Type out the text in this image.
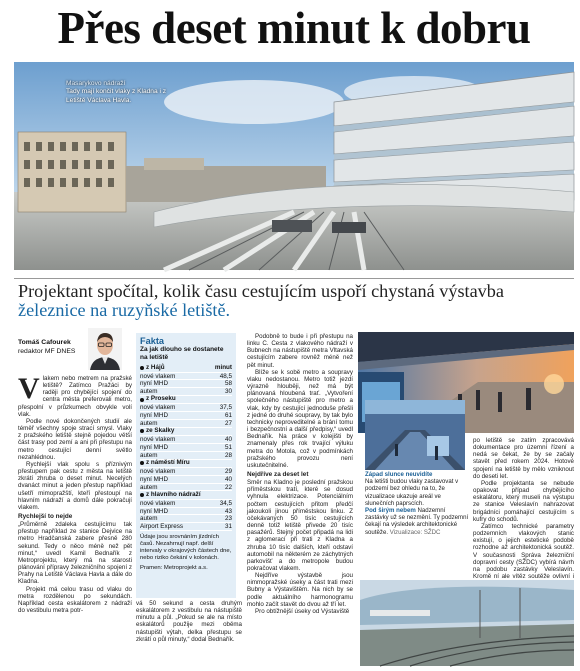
Přes deset minut k dobru
Masarykovo nádraží
Tady mají končit vlaky z Kladna i z Letiště Václava Havla.
Projektant spočítal, kolik času cestujícím uspoří chystaná výstavba železnice na ruzyňské letiště.
Tomáš Cafourek
redaktor MF DNES

Vlakem nebo metrem na pražské letiště? Zatímco Pražáci by raději pro chybějící spojení do centra města preferovali metro, přespolní v průzkumech obvykle volí vlak.

Podle nové dokončených studií ale téměř všechny spoje strací smysl. Vlaky z pražského letiště stejně pojedou větší část trasy pod zemí a ani při přestupu na metro cestující denní světlo nezahlédnou.

Rychlejší vlak spolu s příznivým přestupem pak cestu z města na letiště zkrátí zhruba o deset minut. Necelých dvanáct minut a jeden přestup například ušetří mimopražští, kteří přestoupí na hlavním nádraží a domů dále pokračují vlakem.

Rychlejší to nejde

„Průměrně zdaleka cestujícímu tak přestup například ze stanice Dejvice na metro Hradčanská zabere přesně 280 sekund. Tedy o něco méně než pět minut,“ uvedl Kamil Bednařík z Metroprojektu, který má na starosti plánování přípravy železničního spojení z Prahy na Letiště Václava Havla a dále do Kladna.

Projekt má celou trasu od vlaku do metra rozdělenou po sekundách. Například cesta eskalátorem z nádraží do vestibulu metra potr-

Fakta
Za jak dlouho se dostanete na letiště
z Hájů	minut
nové vlakem	48,5
nyní MHD	58
autem	30
z Proseku
nové vlakem	37,5
nyní MHD	61
autem	27
ze Skalky
nové vlakem	40
nyní MHD	51
autem	28
z náměstí Míru
nové vlakem	29
nyní MHD	40
autem	22
z hlavního nádraží
nové vlakem	34,5
nyní MHD	43
autem	23
Airport Express	31
Údaje jsou srovnáním jízdních časů. Nezahrnují např. delší intervaly v okrajových částech dne, nebo riziko čekání v kolonách.
Pramen: Metroprojekt a.s.

vá 50 sekund a cesta druhým eskalátorem z vestibulu na nástupiště minutu a půl. „Pokud se ale na místo eskalátorů použije mezi oběma nástupišti výtah, delka přestupu se zkrátí o půl minuty,“ dodal Bednařík.

Podobně to bude i při přestupu na linku C. Cesta z vlakového nádraží v Bubnech na nástupiště metra Vltavská cestujícím zabere rovněž méně než pět minut.

Blíže se k sobě metro a soupravy vlaku nedostanou. Metro totiž jezdí výrazně hlouběji, než má být plánovaná hloubená trať. „Vytvoření společného nástupiště pro metro a vlak, kdy by cestující jednoduše přešli z jedné do druhé soupravy, by tak bylo technicky neproveditelné a brání tomu i bezpečnostní a další předpisy,“ uvedl Bednařík. Na práce v kolejišti by znamenaly přes rok trvající výluku metra do Motola, což v podmínkách pražského provozu není uskutečnitelné.

Nejdříve za deset let

Směr na Kladno je poslední pražskou příměstskou tratí, které se dosud vyhnula elektrizace. Potenciálním počtem cestujících přitom předčí jakoukoli jinou příměstskou linku. Z očekávaných 50 tisíc cestujících denně totiž letiště přivede 20 tisíc pasažérů. Stejný počet připadá na lidi z aglomerací při trati z Kladna a zhruba 10 tisíc dalších, kteří odstaví automobil na některém ze záchytných parkovišť a do metropole budou pokračovat vlakem.

Nejdříve výstavbě jsou nimmopražské úseky a část trati mezi Bubny a Výstavištěm. Na nich by se podle aktuálního harmonogramu mohlo začít stavět do dvou až tří let.

Pro obtížnější úseky od Výstaviště

Západ slunce neuvidíte
Na letišti budou vlaky zastavovat v podzemí bez ohledu na to, že vizualizace ukazuje areál ve slunečních paprscích.
Pod širým nebem Nadzemní zastávky už se nezmění. Ty podzemní čekají na výsledek architektonické soutěže. Vizualizace: SŽDC

po letiště se zatím zpracovává dokumentace pro územní řízení a nedá se čekat, že by se začaly stavět před rokem 2024. Hotové spojení na letiště by mělo vzniknout do deseti let.

Podle projektanta se nebude opakovat případ chybějícího eskalátoru, který museli na výstupu ze stanice Veleslavín nahrazovat brigádníci pomáhající cestujícím s kufry do schodů.

Zatímco technické parametry podzemních vlakových stanic existují, o jejich estetické podobě rozhodne až architektonická soutěž. V současnosti Správa železniční dopravní cesty (SŽDC) vybírá návrh na podobu zastávky Veleslavín. Kromě ní ale vítěz soutěže ovlivní i
